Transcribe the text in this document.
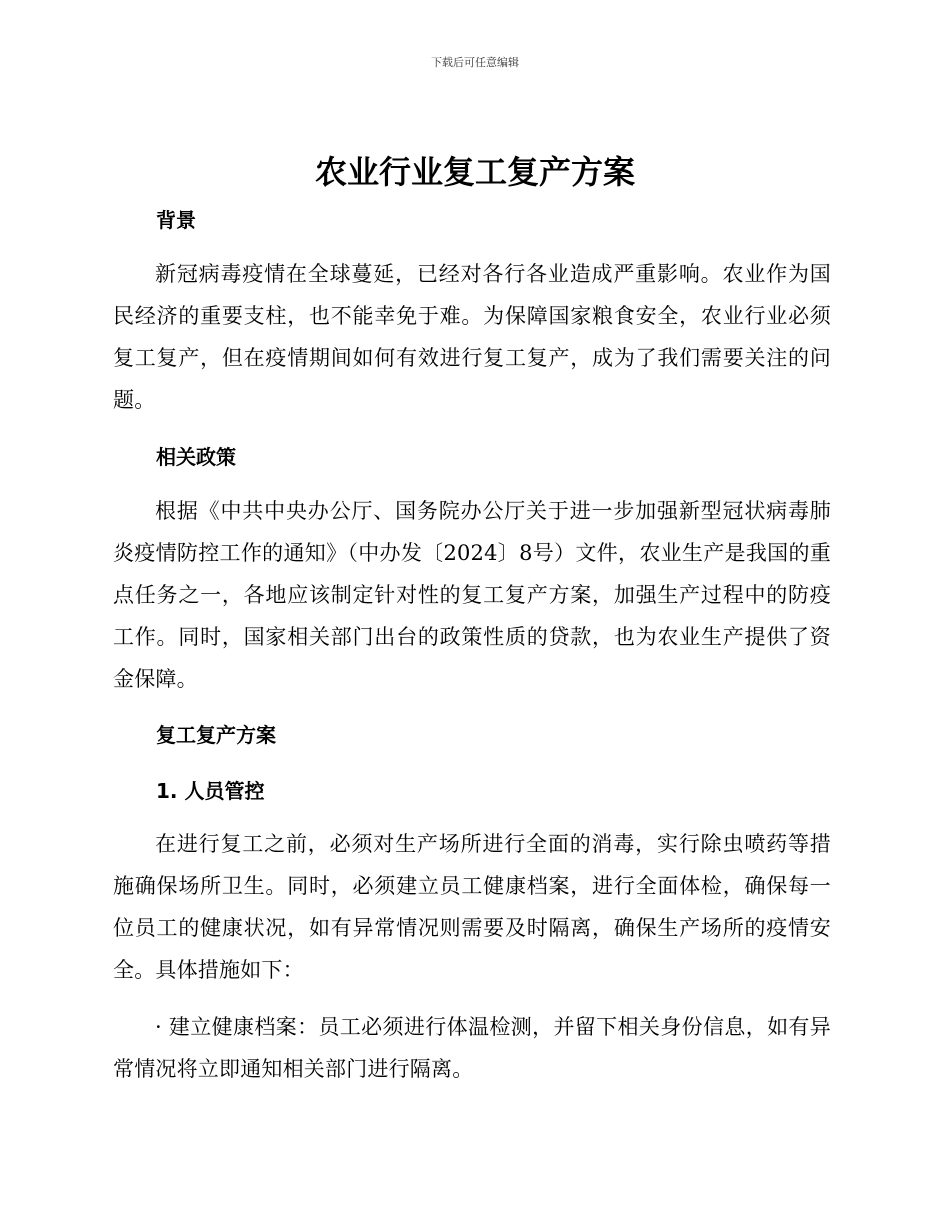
下载后可任意编辑
农业行业复工复产方案
背景
新冠病毒疫情在全球蔓延，已经对各行各业造成严重影响。农业作为国民经济的重要支柱，也不能幸免于难。为保障国家粮食安全，农业行业必须复工复产，但在疫情期间如何有效进行复工复产，成为了我们需要关注的问题。
相关政策
根据《中共中央办公厅、国务院办公厅关于进一步加强新型冠状病毒肺炎疫情防控工作的通知》（中办发〔2024〕8号）文件，农业生产是我国的重点任务之一，各地应该制定针对性的复工复产方案，加强生产过程中的防疫工作。同时，国家相关部门出台的政策性质的贷款，也为农业生产提供了资金保障。
复工复产方案
1. 人员管控
在进行复工之前，必须对生产场所进行全面的消毒，实行除虫喷药等措施确保场所卫生。同时，必须建立员工健康档案，进行全面体检，确保每一位员工的健康状况，如有异常情况则需要及时隔离，确保生产场所的疫情安全。具体措施如下：
· 建立健康档案：员工必须进行体温检测，并留下相关身份信息，如有异常情况将立即通知相关部门进行隔离。
